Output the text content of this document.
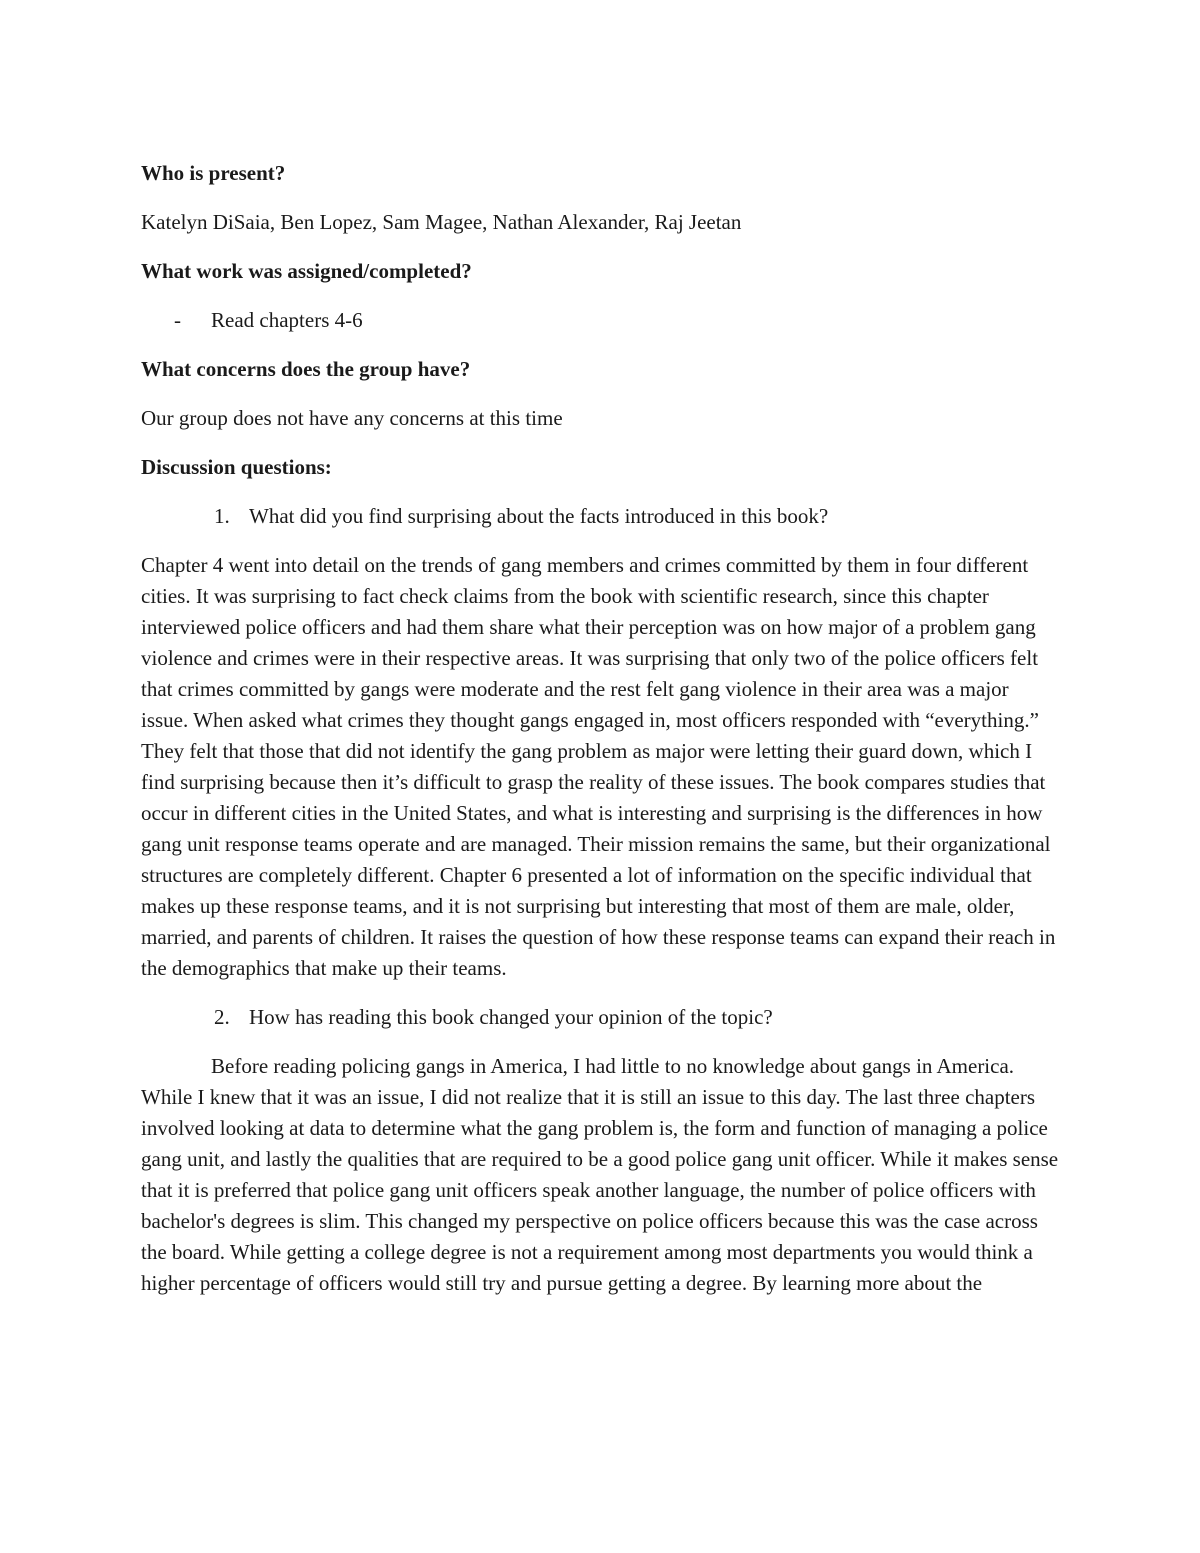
Who is present?

Katelyn DiSaia, Ben Lopez, Sam Magee, Nathan Alexander, Raj Jeetan

What work was assigned/completed?

-	Read chapters 4-6

What concerns does the group have?

Our group does not have any concerns at this time

Discussion questions:

1. What did you find surprising about the facts introduced in this book?

Chapter 4 went into detail on the trends of gang members and crimes committed by them in four different cities. It was surprising to fact check claims from the book with scientific research, since this chapter interviewed police officers and had them share what their perception was on how major of a problem gang violence and crimes were in their respective areas. It was surprising that only two of the police officers felt that crimes committed by gangs were moderate and the rest felt gang violence in their area was a major issue. When asked what crimes they thought gangs engaged in, most officers responded with “everything.” They felt that those that did not identify the gang problem as major were letting their guard down, which I find surprising because then it’s difficult to grasp the reality of these issues. The book compares studies that occur in different cities in the United States, and what is interesting and surprising is the differences in how gang unit response teams operate and are managed. Their mission remains the same, but their organizational structures are completely different. Chapter 6 presented a lot of information on the specific individual that makes up these response teams, and it is not surprising but interesting that most of them are male, older, married, and parents of children. It raises the question of how these response teams can expand their reach in the demographics that make up their teams.

2. How has reading this book changed your opinion of the topic?

Before reading policing gangs in America, I had little to no knowledge about gangs in America. While I knew that it was an issue, I did not realize that it is still an issue to this day. The last three chapters involved looking at data to determine what the gang problem is, the form and function of managing a police gang unit, and lastly the qualities that are required to be a good police gang unit officer. While it makes sense that it is preferred that police gang unit officers speak another language, the number of police officers with bachelor's degrees is slim. This changed my perspective on police officers because this was the case across the board. While getting a college degree is not a requirement among most departments you would think a higher percentage of officers would still try and pursue getting a degree. By learning more about the
